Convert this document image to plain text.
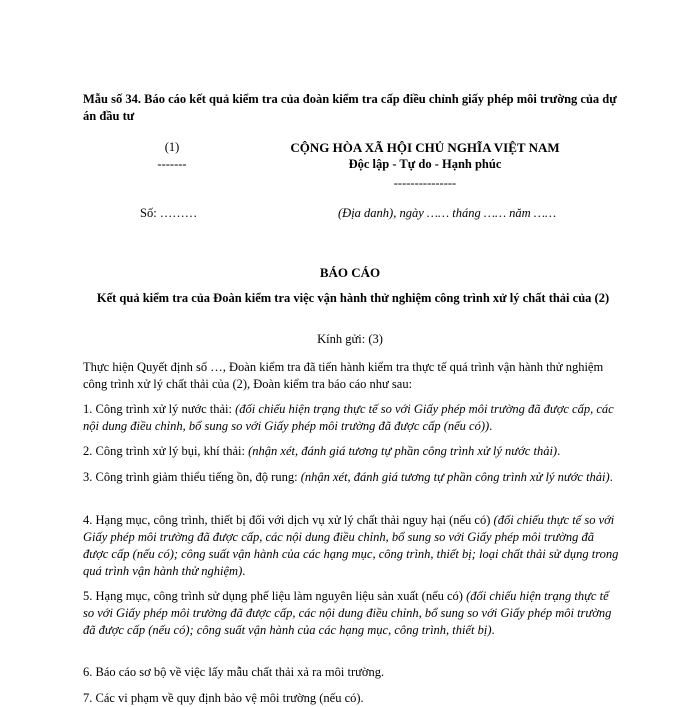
Mẫu số 34. Báo cáo kết quả kiểm tra của đoàn kiểm tra cấp điều chỉnh giấy phép môi trường của dự án đầu tư
(1)
-------
CỘNG HÒA XÃ HỘI CHỦ NGHĨA VIỆT NAM
Độc lập - Tự do - Hạnh phúc
---------------
Số: ………	(Địa danh), ngày …… tháng …… năm ……
BÁO CÁO
Kết quả kiểm tra của Đoàn kiểm tra việc vận hành thử nghiệm công trình xử lý chất thải của (2)
Kính gửi: (3)
Thực hiện Quyết định số …, Đoàn kiểm tra đã tiến hành kiểm tra thực tế quá trình vận hành thử nghiệm công trình xử lý chất thải của (2), Đoàn kiểm tra báo cáo như sau:
1. Công trình xử lý nước thải: (đối chiếu hiện trạng thực tế so với Giấy phép môi trường đã được cấp, các nội dung điều chỉnh, bổ sung so với Giấy phép môi trường đã được cấp (nếu có)).
2. Công trình xử lý bụi, khí thải: (nhận xét, đánh giá tương tự phần công trình xử lý nước thải).
3. Công trình giảm thiểu tiếng ồn, độ rung: (nhận xét, đánh giá tương tự phần công trình xử lý nước thải).
4. Hạng mục, công trình, thiết bị đối với dịch vụ xử lý chất thải nguy hại (nếu có) (đối chiếu thực tế so với Giấy phép môi trường đã được cấp, các nội dung điều chỉnh, bổ sung so với Giấy phép môi trường đã được cấp (nếu có); công suất vận hành của các hạng mục, công trình, thiết bị; loại chất thải sử dụng trong quá trình vận hành thử nghiệm).
5. Hạng mục, công trình sử dụng phế liệu làm nguyên liệu sản xuất (nếu có) (đối chiếu hiện trạng thực tế so với Giấy phép môi trường đã được cấp, các nội dung điều chỉnh, bổ sung so với Giấy phép môi trường đã được cấp (nếu có); công suất vận hành của các hạng mục, công trình, thiết bị).
6. Báo cáo sơ bộ về việc lấy mẫu chất thải xả ra môi trường.
7. Các vi phạm về quy định bảo vệ môi trường (nếu có).
